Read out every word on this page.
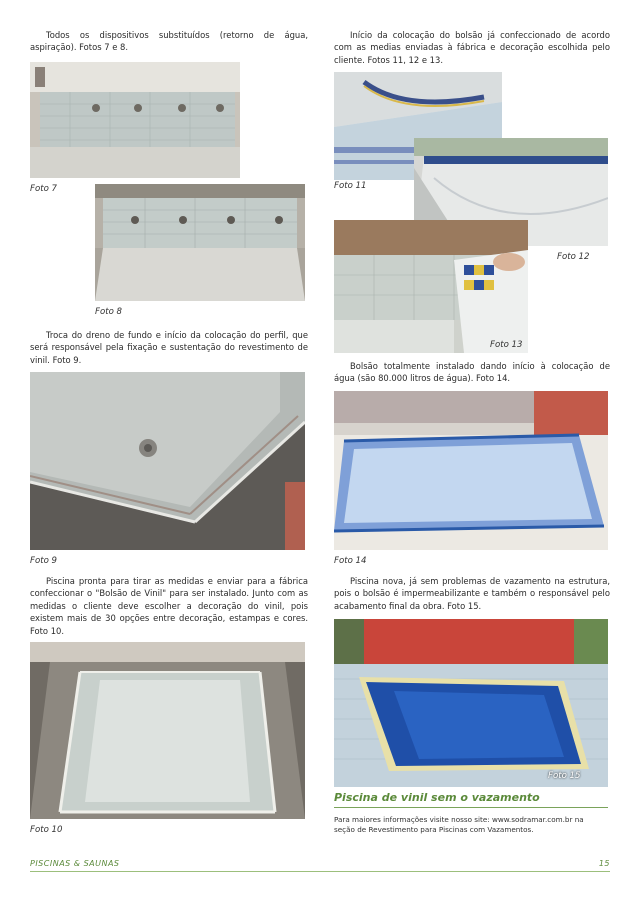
Todos os dispositivos substituídos (retorno de água, aspiração). Fotos 7 e 8.
Foto 7
Foto 8
Troca do dreno de fundo e início da colocação do perfil, que será responsável pela fixação e sustentação do revestimento de vinil. Foto 9.
Foto 9
Piscina pronta para tirar as medidas e enviar para a fábrica confeccionar o "Bolsão de Vinil" para ser instalado. Junto com as medidas o cliente deve escolher a decoração do vinil, pois existem mais de 30 opções entre decoração, estampas e cores. Foto 10.
Foto 10
Início da colocação do bolsão já confeccionado de acordo com as medias enviadas à fábrica e decoração escolhida pelo cliente. Fotos 11, 12 e 13.
Foto 11
Foto 12
Foto 13
Bolsão totalmente instalado dando início à colocação de água (são 80.000 litros de água). Foto 14.
Foto 14
Piscina nova, já sem problemas de vazamento na estrutura, pois o bolsão é impermeabilizante e também o responsável pelo acabamento final da obra. Foto 15.
Foto 15
Piscina de vinil sem o vazamento
Para maiores informações visite nosso site: www.sodramar.com.br na seção de Revestimento para Piscinas com Vazamentos.
PISCINAS & SAUNAS	15
